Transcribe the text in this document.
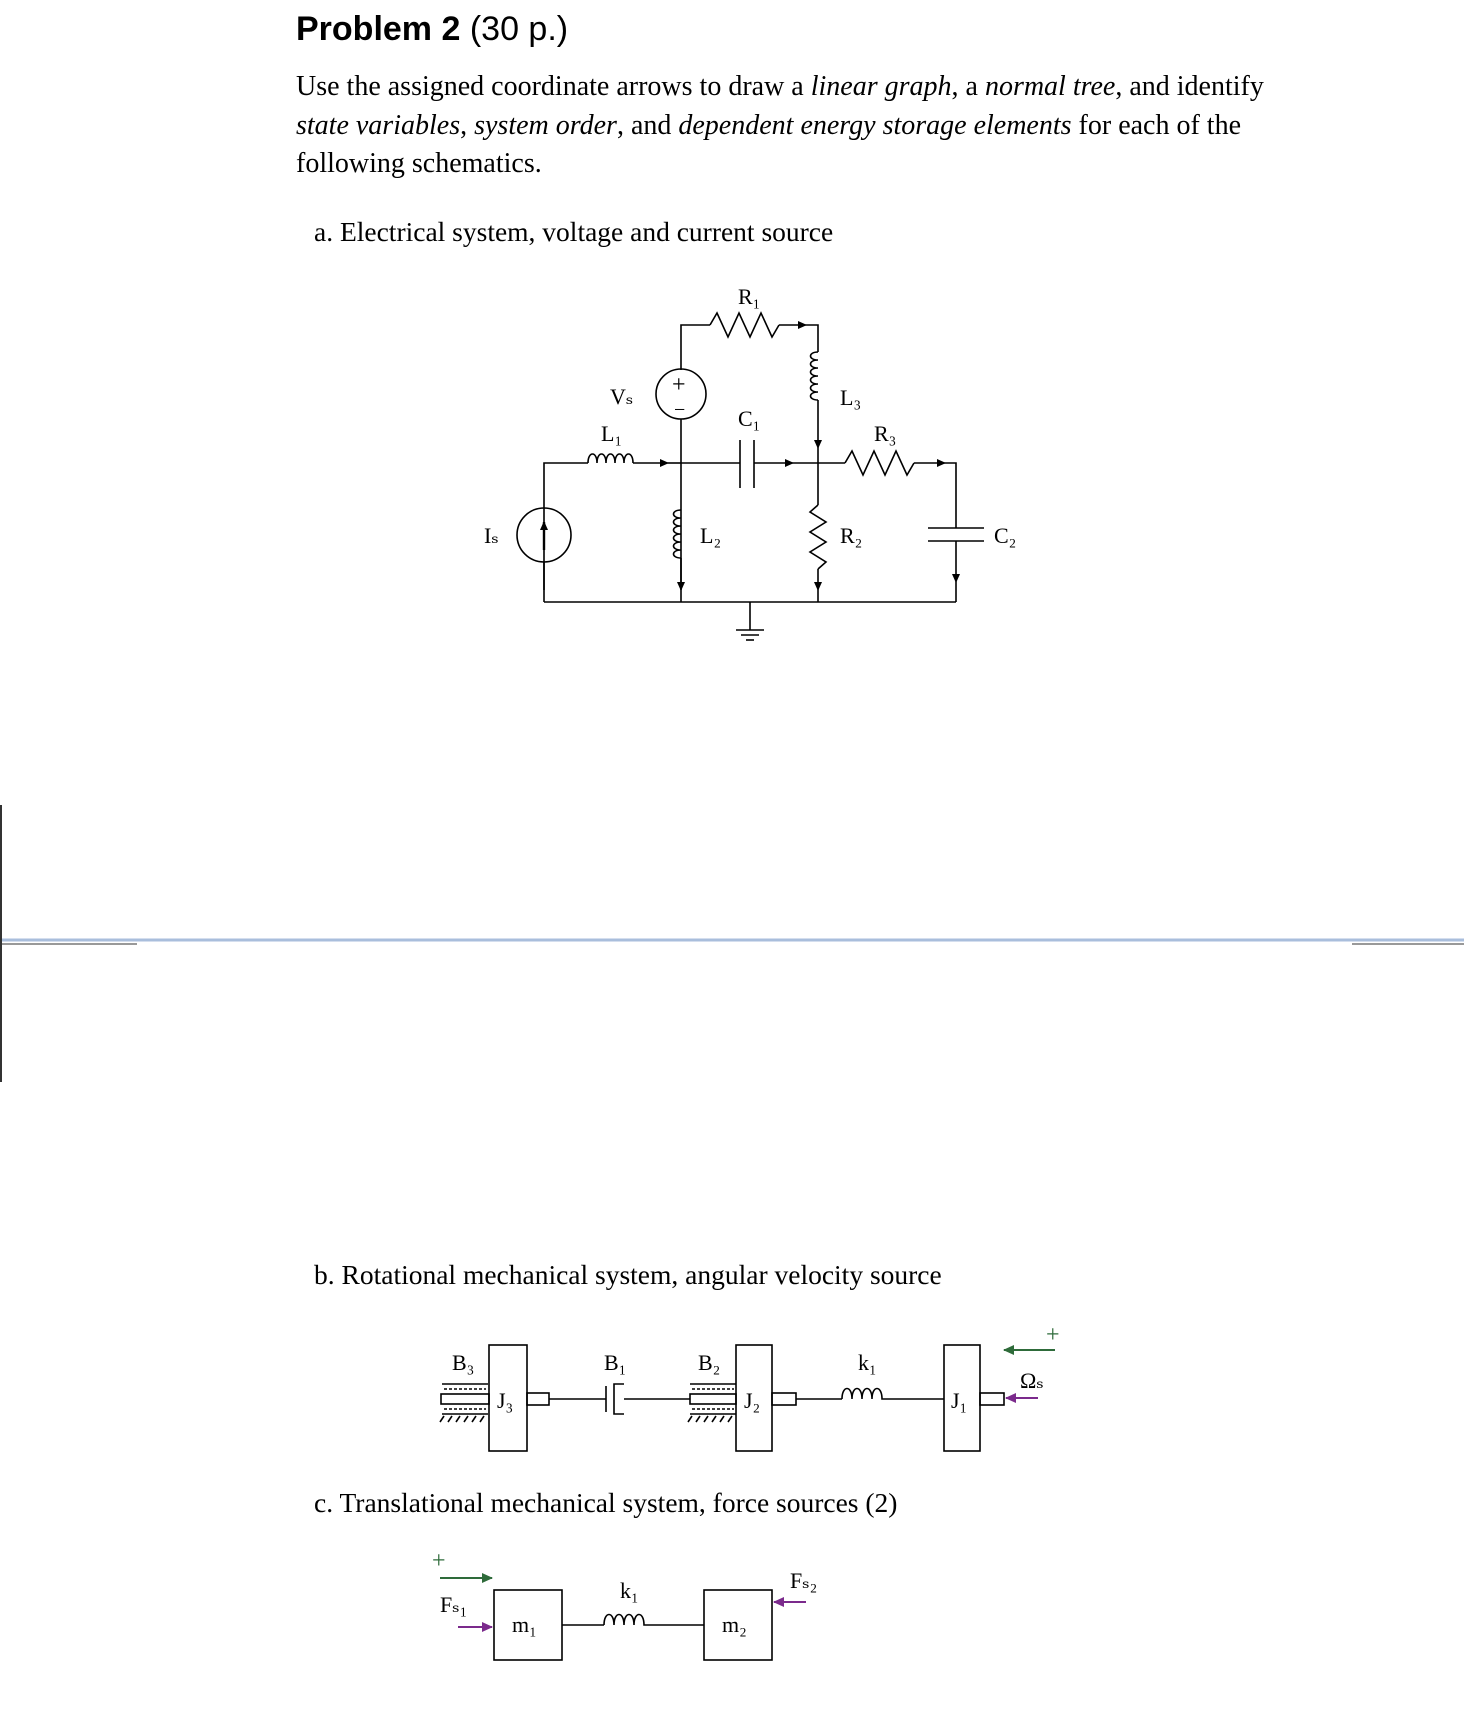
Problem 2 (30 p.)
Use the assigned coordinate arrows to draw a linear graph, a normal tree, and identify state variables, system order, and dependent energy storage elements for each of the following schematics.
a. Electrical system, voltage and current source
b. Rotational mechanical system, angular velocity source
c. Translational mechanical system, force sources (2)
R₁
Vₛ +
−
L₁
C₁
L₃
R₃
Iₛ	L₂	R₂	C₂
B₃
J₃
B₁	B₂
J₂
k₁
J₁
Ωₛ
+
+
Fₛ₁
m₁
k₁
m₂
Fₛ₂
